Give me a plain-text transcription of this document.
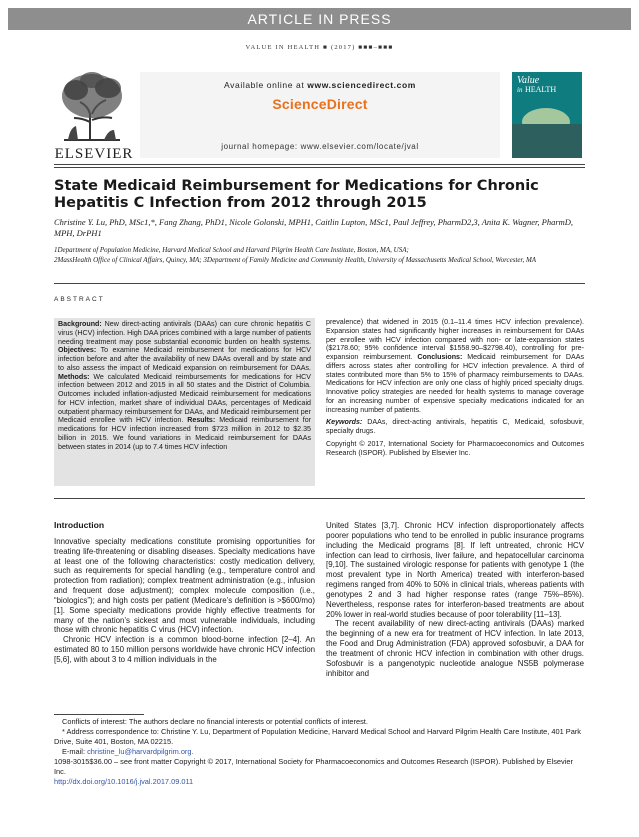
ARTICLE IN PRESS
VALUE IN HEALTH ■ (2017) ■■■–■■■
ELSEVIER
Available online at www.sciencedirect.com
ScienceDirect
journal homepage: www.elsevier.com/locate/jval
Value
in HEALTH
State Medicaid Reimbursement for Medications for Chronic Hepatitis C Infection from 2012 through 2015
Christine Y. Lu, PhD, MSc1,*, Fang Zhang, PhD1, Nicole Golonski, MPH1, Caitlin Lupton, MSc1, Paul Jeffrey, PharmD2,3, Anita K. Wagner, PharmD, MPH, DrPH1
1Department of Population Medicine, Harvard Medical School and Harvard Pilgrim Health Care Institute, Boston, MA, USA;
2MassHealth Office of Clinical Affairs, Quincy, MA; 3Department of Family Medicine and Community Health, University of Massachusetts Medical School, Worcester, MA
ABSTRACT
Background: New direct-acting antivirals (DAAs) can cure chronic hepatitis C virus (HCV) infection. High DAA prices combined with a large number of patients needing treatment may pose substantial economic burden on health systems. Objectives: To examine Medicaid reimbursement for medications for HCV infection before and after the availability of new DAAs overall and by state and to also assess the impact of Medicaid expansion on reimbursement for DAAs. Methods: We calculated Medicaid reimbursements for medications for HCV infection between 2012 and 2015 in all 50 states and the District of Columbia. Outcomes included inflation-adjusted Medicaid reimbursement for medications for HCV infection, market share of individual DAAs, percentages of Medicaid outpatient pharmacy reimbursement for DAAs, and Medicaid reimbursement per Medicaid enrollee with HCV infection. Results: Medicaid reimbursement for medications for HCV infection increased from $723 million in 2012 to $2.35 billion in 2015. We found variations in Medicaid reimbursement for DAAs between states in 2014 (up to 7.4 times HCV infection

prevalence) that widened in 2015 (0.1–11.4 times HCV infection prevalence). Expansion states had significantly higher increases in reimbursement for DAAs per enrollee with HCV infection compared with non- or late-expansion states ($2178.60; 95% confidence interval $1558.90–$2798.40), controlling for pre-expansion reimbursement. Conclusions: Medicaid reimbursement for DAAs differs across states after controlling for HCV infection prevalence. A third of states contributed more than 5% to 15% of pharmacy reimbursements to DAAs. Medications for HCV infection are only one class of highly priced specialty drugs. Innovative policy strategies are needed for health systems to manage coverage for an increasing number of expensive specialty medications indicated for an increasing number of patients.

Keywords: DAAs, direct-acting antivirals, hepatitis C, Medicaid, sofosbuvir, specialty drugs.

Copyright © 2017, International Society for Pharmacoeconomics and Outcomes Research (ISPOR). Published by Elsevier Inc.

Introduction

Innovative specialty medications constitute promising opportunities for treating life-threatening or disabling diseases. Specialty medications have at least one of the following characteristics: costly medication delivery, such as requirements for special handling (e.g., temperature control and protection from radiation); complex treatment administration (e.g., infusion and frequent dose adjustment); complex molecule composition (i.e., “biologics”); and high costs per patient (Medicare’s definition is >$600/mo) [1]. Some specialty medications provide highly effective treatments for many of the nation’s sickest and most vulnerable individuals, including those with chronic hepatitis C virus (HCV) infection.

Chronic HCV infection is a common blood-borne infection [2–4]. An estimated 80 to 150 million persons worldwide have chronic HCV infection [5,6], with about 3 to 4 million individuals in the

United States [3,7]. Chronic HCV infection disproportionately affects poorer populations who tend to be enrolled in public insurance programs including the Medicaid programs [8]. If left untreated, chronic HCV infection can lead to cirrhosis, liver failure, and hepatocellular carcinoma [9,10]. The sustained virologic response for patients with genotype 1 (the most prevalent type in North America) treated with interferon-based regimens ranged from 40% to 50% in clinical trials, whereas patients with genotypes 2 and 3 had higher response rates (range 75%–85%). Nevertheless, response rates for interferon-based treatments are about 20% lower in real-world studies because of poor tolerability [11–13].

The recent availability of new direct-acting antivirals (DAAs) marked the beginning of a new era for treatment of HCV infection. In late 2013, the Food and Drug Administration (FDA) approved sofosbuvir, a DAA for the treatment of chronic HCV infection in combination with other drugs. Sofosbuvir is a pangenotypic nucleotide analogue NS5B polymerase inhibitor and

Conflicts of interest: The authors declare no financial interests or potential conflicts of interest.
* Address correspondence to: Christine Y. Lu, Department of Population Medicine, Harvard Medical School and Harvard Pilgrim Health Care Institute, 401 Park Drive, Suite 401, Boston, MA 02215.
E-mail: christine_lu@harvardpilgrim.org.
1098-3015$36.00 – see front matter Copyright © 2017, International Society for Pharmacoeconomics and Outcomes Research (ISPOR). Published by Elsevier Inc.
http://dx.doi.org/10.1016/j.jval.2017.09.011
